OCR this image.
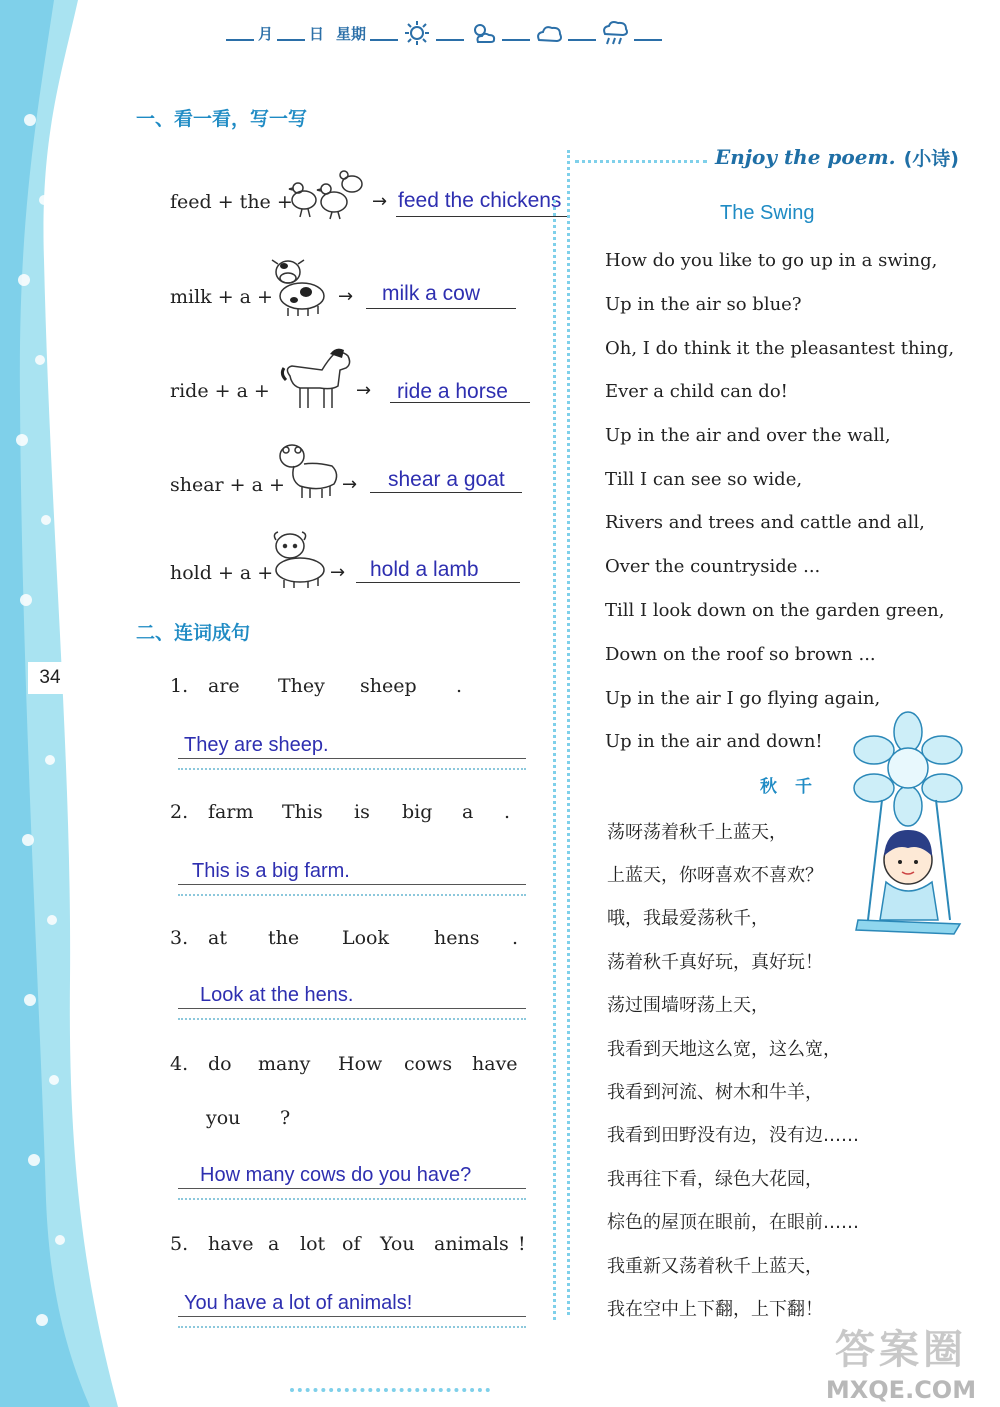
34
月 日 星期
一、看一看，写一写
feed + the +	→ feed the chickens
milk + a +	→ milk a cow
ride + a +	→ ride a horse
shear + a +	→ shear a goat
hold + a +	→ hold a lamb
二、连词成句
1. are They sheep .
They are sheep.
2. farm This is big a .
This is a big farm.
3. at the Look hens .
Look at the hens.
4. do many How cows have
you ?
How many cows do you have?
5. have a lot of You animals !
You have a lot of animals!
Enjoy the poem. (小诗)
The Swing
How do you like to go up in a swing,
Up in the air so blue?
Oh, I do think it the pleasantest thing,
Ever a child can do!
Up in the air and over the wall,
Till I can see so wide,
Rivers and trees and cattle and all,
Over the countryside ...
Till I look down on the garden green,
Down on the roof so brown ...
Up in the air I go flying again,
Up in the air and down!
秋千
荡呀荡着秋千上蓝天，
上蓝天，你呀喜欢不喜欢？
哦，我最爱荡秋千，
荡着秋千真好玩，真好玩！
荡过围墙呀荡上天，
我看到天地这么宽，这么宽，
我看到河流、树木和牛羊，
我看到田野没有边，没有边……
我再往下看，绿色大花园，
棕色的屋顶在眼前，在眼前……
我重新又荡着秋千上蓝天，
我在空中上下翻，上下翻！
答案圈
MXQE.COM
